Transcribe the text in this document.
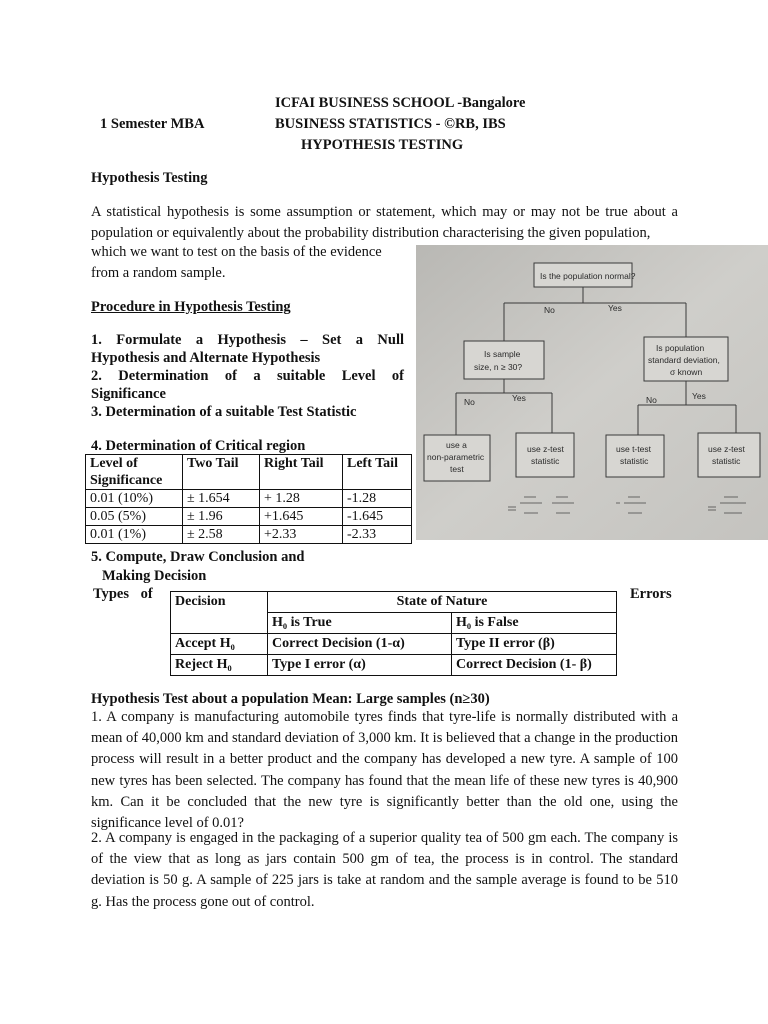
ICFAI BUSINESS SCHOOL -Bangalore
1 Semester MBA	BUSINESS STATISTICS - ©RB, IBS
HYPOTHESIS TESTING
Hypothesis Testing
A statistical hypothesis is some assumption or statement, which may or may not be true about a population or equivalently about the probability distribution characterising the given population,
which we want to test on the basis of the evidence
from a random sample.
Procedure in Hypothesis Testing
1. Formulate a Hypothesis – Set a Null
Hypothesis and Alternate Hypothesis
2. Determination of a suitable Level of
Significance
3. Determination of a suitable Test Statistic
4. Determination of Critical region
Level of
Significance	Two Tail	Right Tail	Left Tail
0.01 (10%)	± 1.654	+ 1.28	-1.28
0.05 (5%)	± 1.96	+1.645	-1.645
0.01 (1%)	± 2.58	+2.33	-2.33
5. Compute, Draw Conclusion and
Making Decision
Types of	Errors
Decision	State of Nature	
	H₀ is True	H₀ is False
Accept H₀	Correct Decision (1-α)	Type II error (β)
Reject H₀	Type I error (α)	Correct Decision (1- β)
Hypothesis Test about a population Mean: Large samples (n≥30)
1. A company is manufacturing automobile tyres finds that tyre-life is normally distributed with a mean of 40,000 km and standard deviation of 3,000 km. It is believed that a change in the production process will result in a better product and the company has developed a new tyre. A sample of 100 new tyres has been selected. The company has found that the mean life of these new tyres is 40,900 km. Can it be concluded that the new tyre is significantly better than the old one, using the significance level of 0.01?
2. A company is engaged in the packaging of a superior quality tea of 500 gm each. The company is of the view that as long as jars contain 500 gm of tea, the process is in control. The standard deviation is 50 g. A sample of 225 jars is take at random and the sample average is found to be 510 g. Has the process gone out of control.
Is the population normal?
No	Yes
Is sample
size, n ≥ 30?
Is population
standard deviation,
σ known
No	Yes	No	Yes
use a
non-parametric
test
use z-test
statistic
use t-test
statistic
use z-test
statistic
